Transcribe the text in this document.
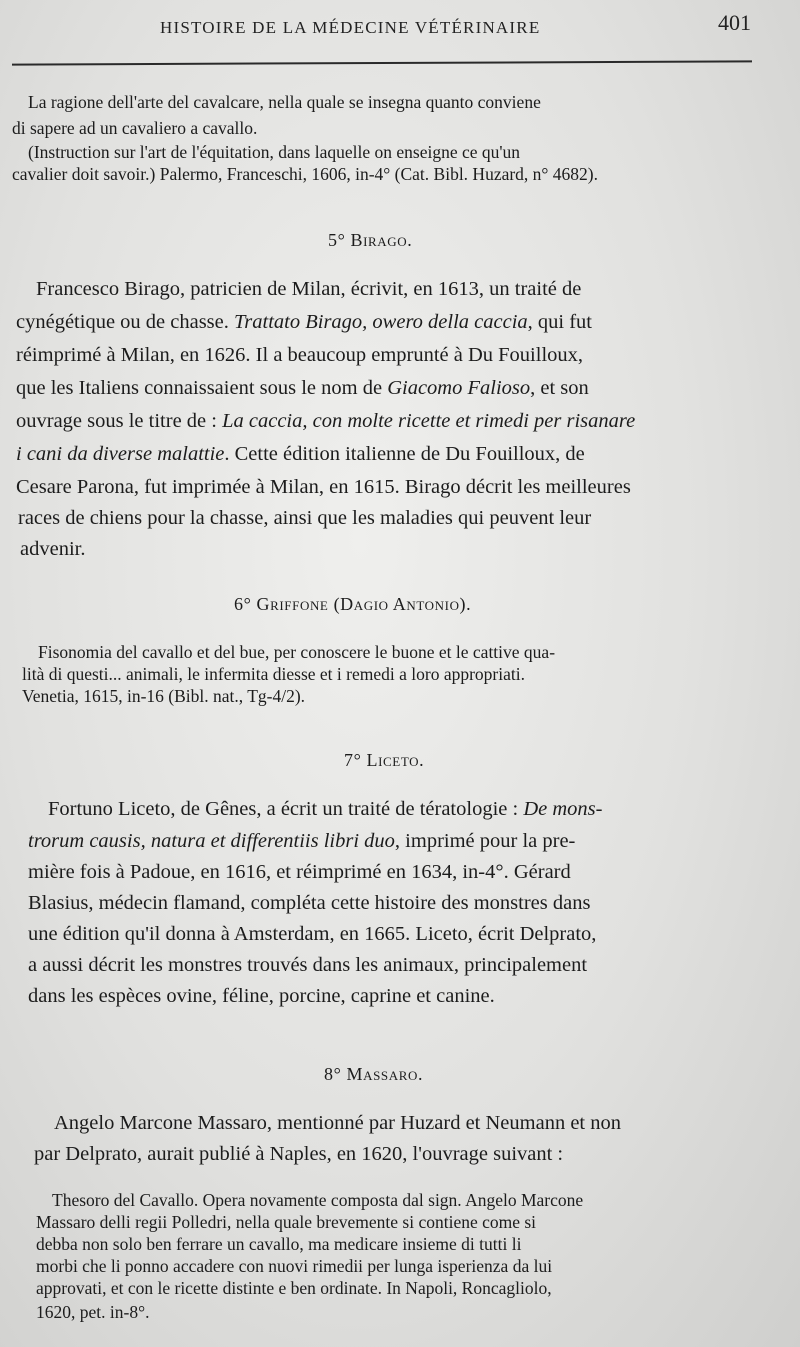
HISTOIRE DE LA MÉDECINE VÉTÉRINAIRE	401
La ragione dell'arte del cavalcare, nella quale se insegna quanto conviene
di sapere ad un cavaliero a cavallo.
(Instruction sur l'art de l'équitation, dans laquelle on enseigne ce qu'un
cavalier doit savoir.) Palermo, Franceschi, 1606, in-4° (Cat. Bibl. Huzard, n° 4682).
5° Birago.
Francesco Birago, patricien de Milan, écrivit, en 1613, un traité de
cynégétique ou de chasse. Trattato Birago, owero della caccia, qui fut
réimprimé à Milan, en 1626. Il a beaucoup emprunté à Du Fouilloux,
que les Italiens connaissaient sous le nom de Giacomo Falioso, et son
ouvrage sous le titre de : La caccia, con molte ricette et rimedi per risanare
i cani da diverse malattie. Cette édition italienne de Du Fouilloux, de
Cesare Parona, fut imprimée à Milan, en 1615. Birago décrit les meilleures
races de chiens pour la chasse, ainsi que les maladies qui peuvent leur
advenir.
6° Griffone (Dagio Antonio).
Fisonomia del cavallo et del bue, per conoscere le buone et le cattive qua-
lità di questi... animali, le infermita diesse et i remedi a loro appropriati.
Venetia, 1615, in-16 (Bibl. nat., Tg-4/2).
7° Liceto.
Fortuno Liceto, de Gênes, a écrit un traité de tératologie : De mons-
trorum causis, natura et differentiis libri duo, imprimé pour la pre-
mière fois à Padoue, en 1616, et réimprimé en 1634, in-4°. Gérard
Blasius, médecin flamand, compléta cette histoire des monstres dans
une édition qu'il donna à Amsterdam, en 1665. Liceto, écrit Delprato,
a aussi décrit les monstres trouvés dans les animaux, principalement
dans les espèces ovine, féline, porcine, caprine et canine.
8° Massaro.
Angelo Marcone Massaro, mentionné par Huzard et Neumann et non
par Delprato, aurait publié à Naples, en 1620, l'ouvrage suivant :
Thesoro del Cavallo. Opera novamente composta dal sign. Angelo Marcone
Massaro delli regii Polledri, nella quale brevemente si contiene come si
debba non solo ben ferrare un cavallo, ma medicare insieme di tutti li
morbi che li ponno accadere con nuovi rimedii per lunga isperienza da lui
approvati, et con le ricette distinte e ben ordinate. In Napoli, Roncagliolo,
1620, pet. in-8°.
